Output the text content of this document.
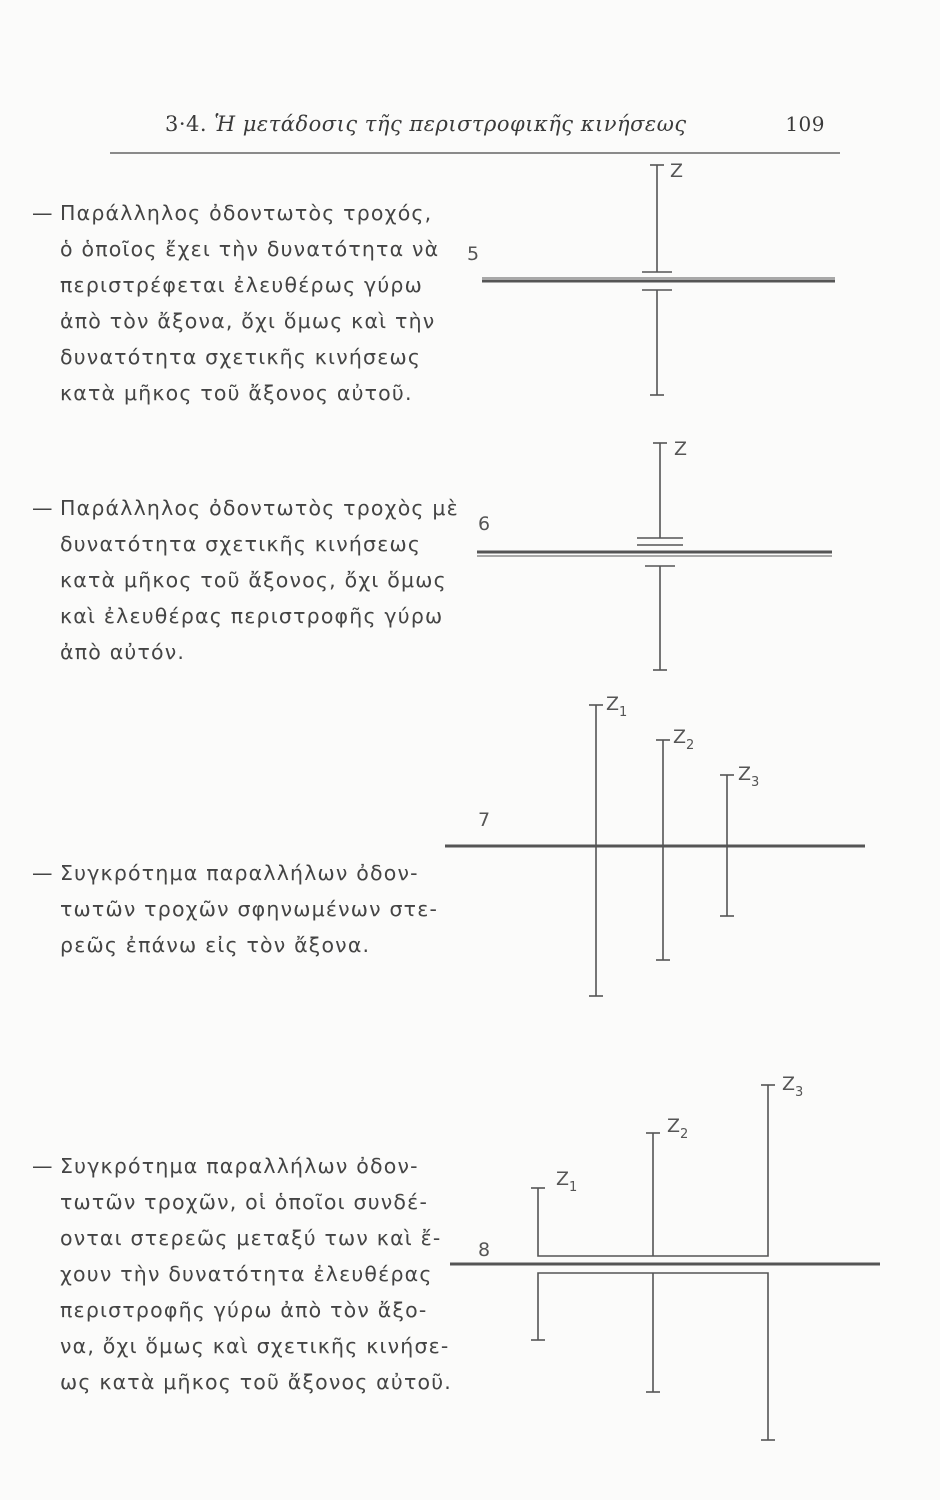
3·4. Ἡ μετάδοσις τῆς περιστροφικῆς κινήσεως	109
— Παράλληλος ὀδοντωτὸς τροχός,
ὁ ὁποῖος ἔχει τὴν δυνατότητα νὰ
περιστρέφεται ἐλευθέρως γύρω
ἀπὸ τὸν ἄξονα, ὄχι ὅμως καὶ τὴν
δυνατότητα σχετικῆς κινήσεως
κατὰ μῆκος τοῦ ἄξονος αὐτοῦ.
— Παράλληλος ὀδοντωτὸς τροχὸς μὲ
δυνατότητα σχετικῆς κινήσεως
κατὰ μῆκος τοῦ ἄξονος, ὄχι ὅμως
καὶ ἐλευθέρας περιστροφῆς γύρω
ἀπὸ αὐτόν.
— Συγκρότημα παραλλήλων ὀδον-
τωτῶν τροχῶν σφηνωμένων στε-
ρεῶς ἐπάνω εἰς τὸν ἄξονα.
— Συγκρότημα παραλλήλων ὀδον-
τωτῶν τροχῶν, οἱ ὁποῖοι συνδέ-
ονται στερεῶς μεταξύ των καὶ ἔ-
χουν τὴν δυνατότητα ἐλευθέρας
περιστροφῆς γύρω ἀπὸ τὸν ἄξο-
να, ὄχι ὅμως καὶ σχετικῆς κινήσε-
ως κατὰ μῆκος τοῦ ἄξονος αὐτοῦ.
5
Z
6
Z
7
$Z_1$
$Z_2$
$Z_3$
8
$Z_1$
$Z_2$
$Z_3$
